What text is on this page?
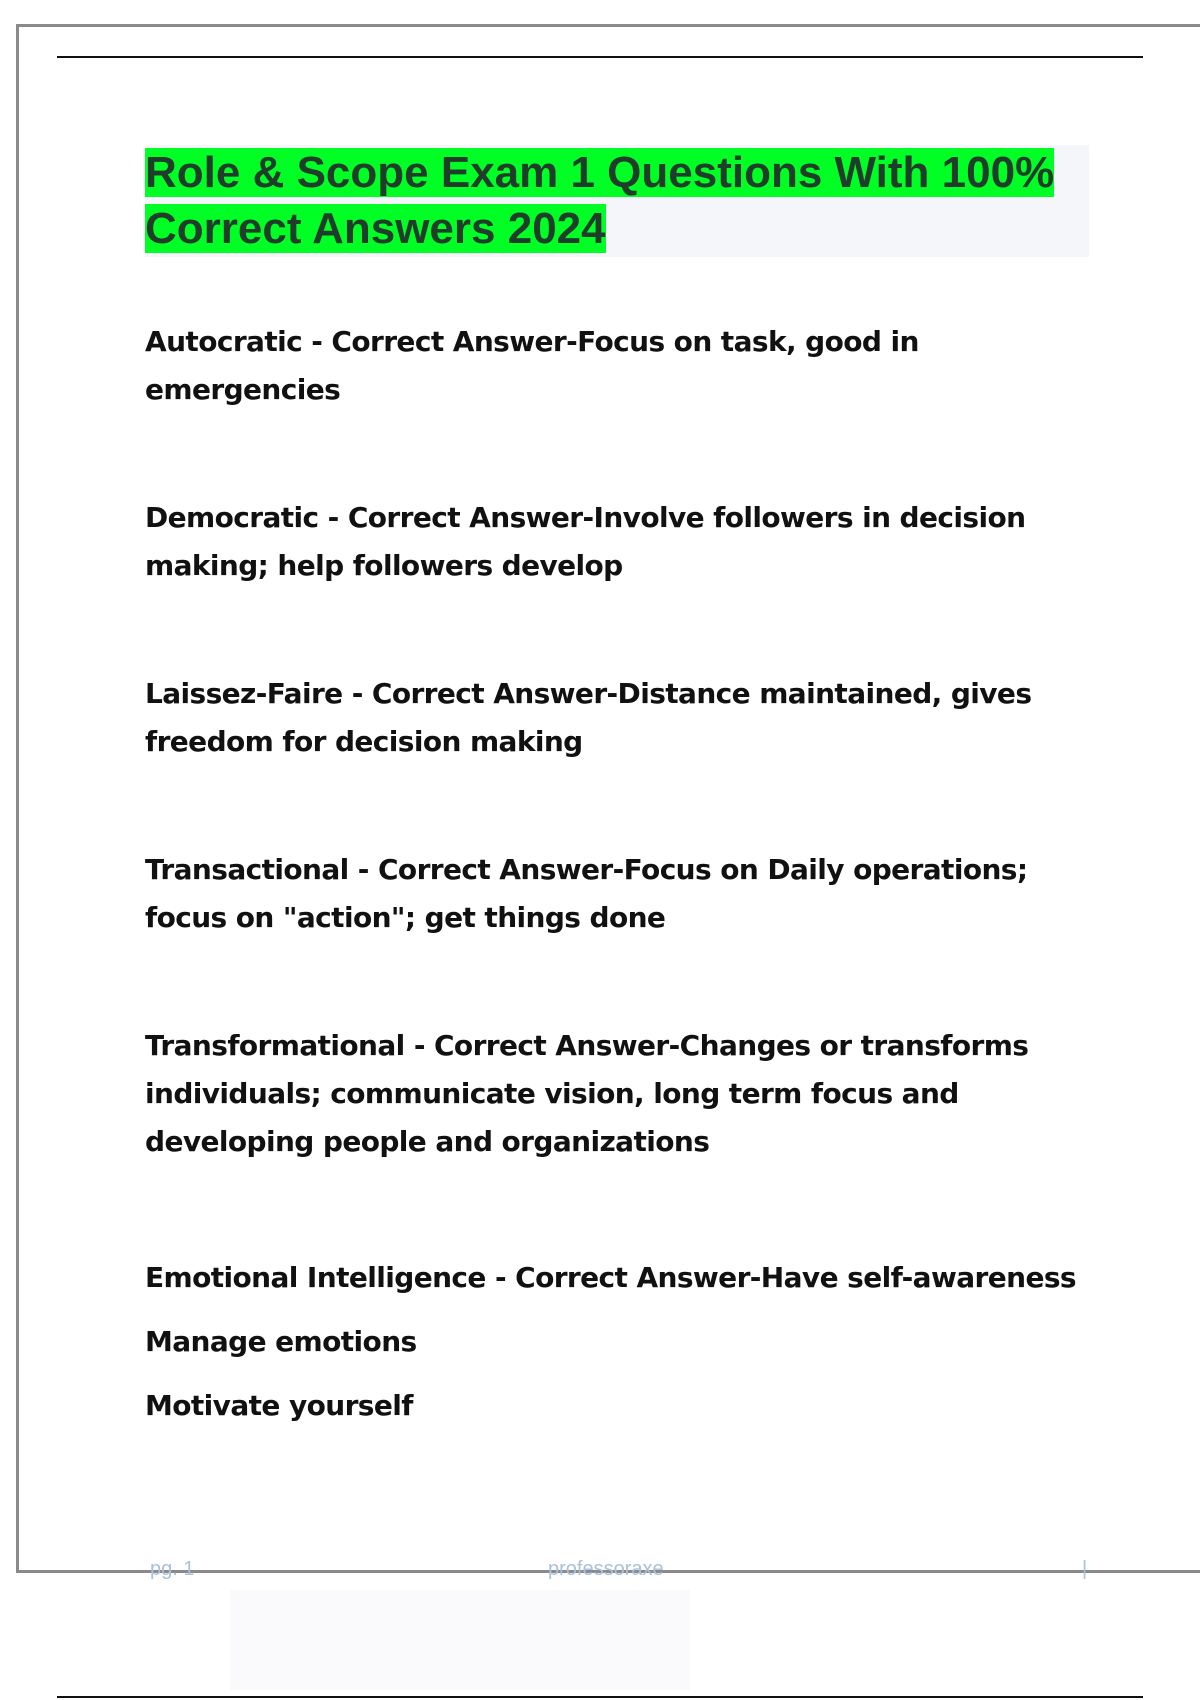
Role & Scope Exam 1 Questions With 100% Correct Answers 2024
Autocratic - Correct Answer-Focus on task, good in
emergencies
Democratic - Correct Answer-Involve followers in decision
making; help followers develop
Laissez-Faire - Correct Answer-Distance maintained, gives
freedom for decision making
Transactional - Correct Answer-Focus on Daily operations;
focus on "action"; get things done
Transformational - Correct Answer-Changes or transforms
individuals; communicate vision, long term focus and
developing people and organizations
Emotional Intelligence - Correct Answer-Have self-awareness
Manage emotions
Motivate yourself
pg. 1	professoraxe	|
